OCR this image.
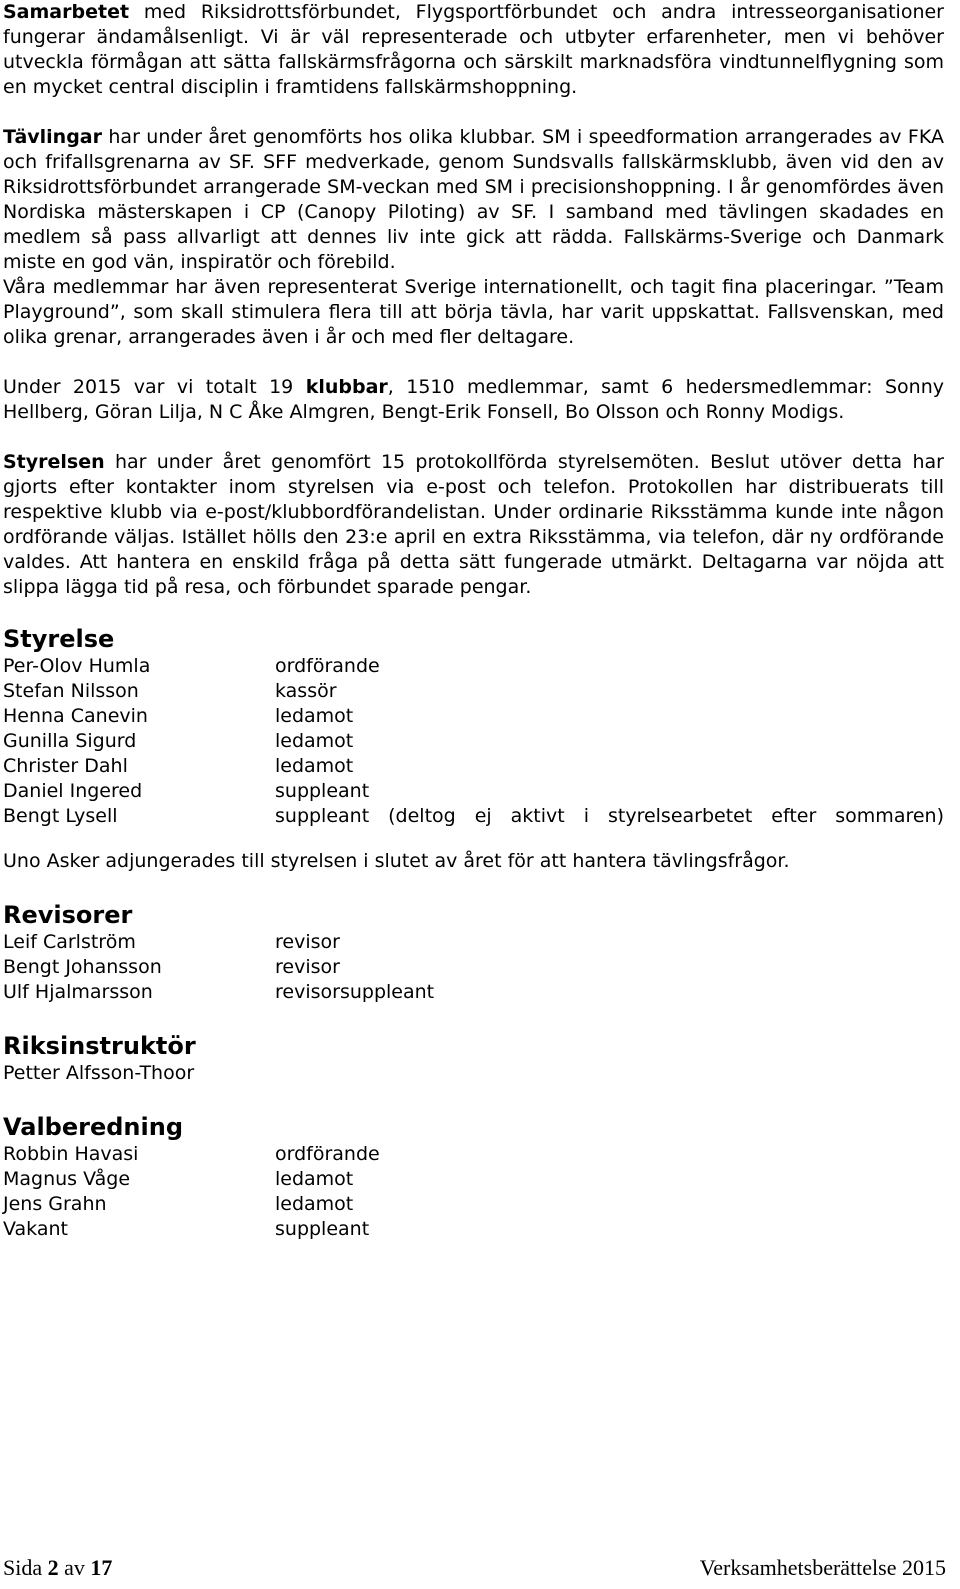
Samarbetet med Riksidrottsförbundet, Flygsportförbundet och andra intresseorganisationer fungerar ändamålsenligt. Vi är väl representerade och utbyter erfarenheter, men vi behöver utveckla förmågan att sätta fallskärmsfrågorna och särskilt marknadsföra vindtunnelflygning som en mycket central disciplin i framtidens fallskärmshoppning.

Tävlingar har under året genomförts hos olika klubbar. SM i speedformation arrangerades av FKA och frifallsgrenarna av SF. SFF medverkade, genom Sundsvalls fallskärmsklubb, även vid den av Riksidrottsförbundet arrangerade SM-veckan med SM i precisionshoppning. I år genomfördes även Nordiska mästerskapen i CP (Canopy Piloting) av SF. I samband med tävlingen skadades en medlem så pass allvarligt att dennes liv inte gick att rädda. Fallskärms-Sverige och Danmark miste en god vän, inspiratör och förebild.

Våra medlemmar har även representerat Sverige internationellt, och tagit fina placeringar. ”Team Playground”, som skall stimulera flera till att börja tävla, har varit uppskattat. Fallsvenskan, med olika grenar, arrangerades även i år och med fler deltagare.

Under 2015 var vi totalt 19 klubbar, 1510 medlemmar, samt 6 hedersmedlemmar: Sonny Hellberg, Göran Lilja, N C Åke Almgren, Bengt-Erik Fonsell, Bo Olsson och Ronny Modigs.

Styrelsen har under året genomfört 15 protokollförda styrelsemöten. Beslut utöver detta har gjorts efter kontakter inom styrelsen via e-post och telefon. Protokollen har distribuerats till respektive klubb via e-post/klubbordförandelistan. Under ordinarie Riksstämma kunde inte någon ordförande väljas. Istället hölls den 23:e april en extra Riksstämma, via telefon, där ny ordförande valdes. Att hantera en enskild fråga på detta sätt fungerade utmärkt. Deltagarna var nöjda att slippa lägga tid på resa, och förbundet sparade pengar.

Styrelse
Per-Olov Humla	ordförande
Stefan Nilsson	kassör
Henna Canevin	ledamot
Gunilla Sigurd	ledamot
Christer Dahl	ledamot
Daniel Ingered	suppleant
Bengt Lysell	suppleant (deltog ej aktivt i styrelsearbetet efter sommaren)

Uno Asker adjungerades till styrelsen i slutet av året för att hantera tävlingsfrågor.

Revisorer
Leif Carlström	revisor
Bengt Johansson	revisor
Ulf Hjalmarsson	revisorsuppleant
Riksinstruktör
Petter Alfsson-Thoor
Valberedning
Robbin Havasi	ordförande
Magnus Våge	ledamot
Jens Grahn	ledamot
Vakant	suppleant
Sida 2 av 17	Verksamhetsberättelse 2015
